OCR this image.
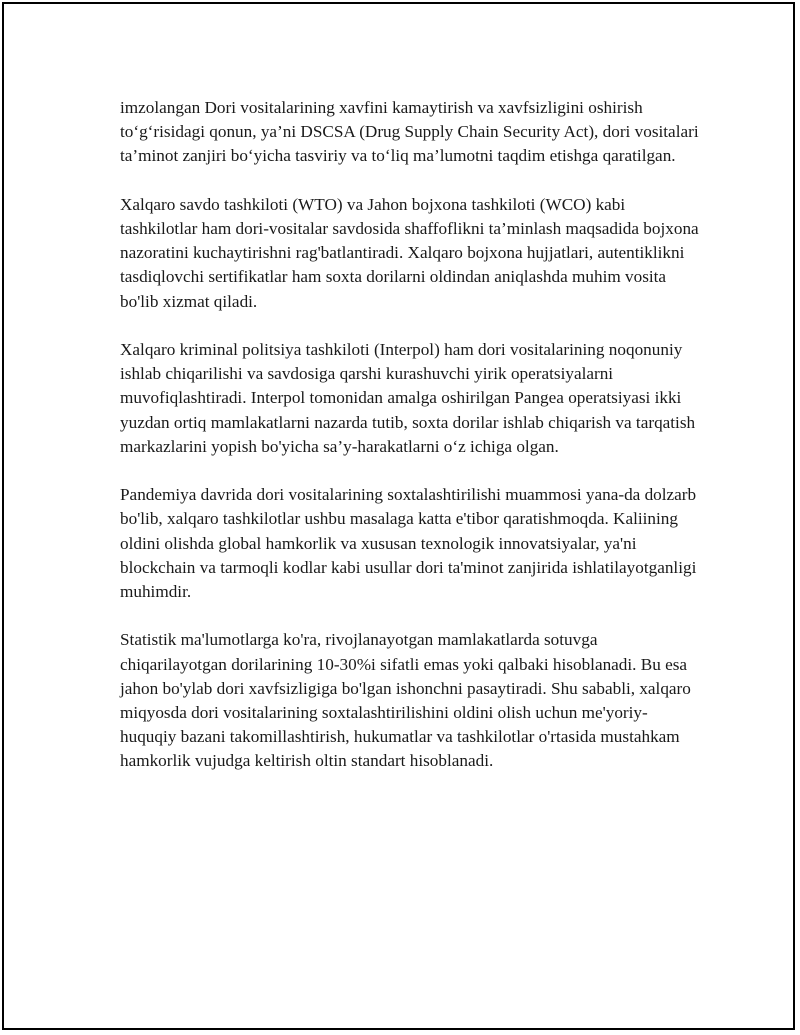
imzolangan Dori vositalarining xavfini kamaytirish va xavfsizligini oshirish to‘g‘risidagi qonun, ya’ni DSCSA (Drug Supply Chain Security Act), dori vositalari ta’minot zanjiri bo‘yicha tasviriy va to‘liq ma’lumotni taqdim etishga qaratilgan.

Xalqaro savdo tashkiloti (WTO) va Jahon bojxona tashkiloti (WCO) kabi tashkilotlar ham dori-vositalar savdosida shaffoflikni ta’minlash maqsadida bojxona nazoratini kuchaytirishni rag'batlantiradi. Xalqaro bojxona hujjatlari, autentiklikni tasdiqlovchi sertifikatlar ham soxta dorilarni oldindan aniqlashda muhim vosita bo'lib xizmat qiladi.

Xalqaro kriminal politsiya tashkiloti (Interpol) ham dori vositalarining noqonuniy ishlab chiqarilishi va savdosiga qarshi kurashuvchi yirik operatsiyalarni muvofiqlashtiradi. Interpol tomonidan amalga oshirilgan Pangea operatsiyasi ikki yuzdan ortiq mamlakatlarni nazarda tutib, soxta dorilar ishlab chiqarish va tarqatish markazlarini yopish bo'yicha sa’y-harakatlarni o‘z ichiga olgan.

Pandemiya davrida dori vositalarining soxtalashtirilishi muammosi yana-da dolzarb bo'lib, xalqaro tashkilotlar ushbu masalaga katta e'tibor qaratishmoqda. Kaliining oldini olishda global hamkorlik va xususan texnologik innovatsiyalar, ya'ni blockchain va tarmoqli kodlar kabi usullar dori ta'minot zanjirida ishlatilayotganligi muhimdir.

Statistik ma'lumotlarga ko'ra, rivojlanayotgan mamlakatlarda sotuvga chiqarilayotgan dorilarining 10-30%i sifatli emas yoki qalbaki hisoblanadi. Bu esa jahon bo'ylab dori xavfsizligiga bo'lgan ishonchni pasaytiradi. Shu sababli, xalqaro miqyosda dori vositalarining soxtalashtirilishini oldini olish uchun me'yoriy-huquqiy bazani takomillashtirish, hukumatlar va tashkilotlar o'rtasida mustahkam hamkorlik vujudga keltirish oltin standart hisoblanadi.
